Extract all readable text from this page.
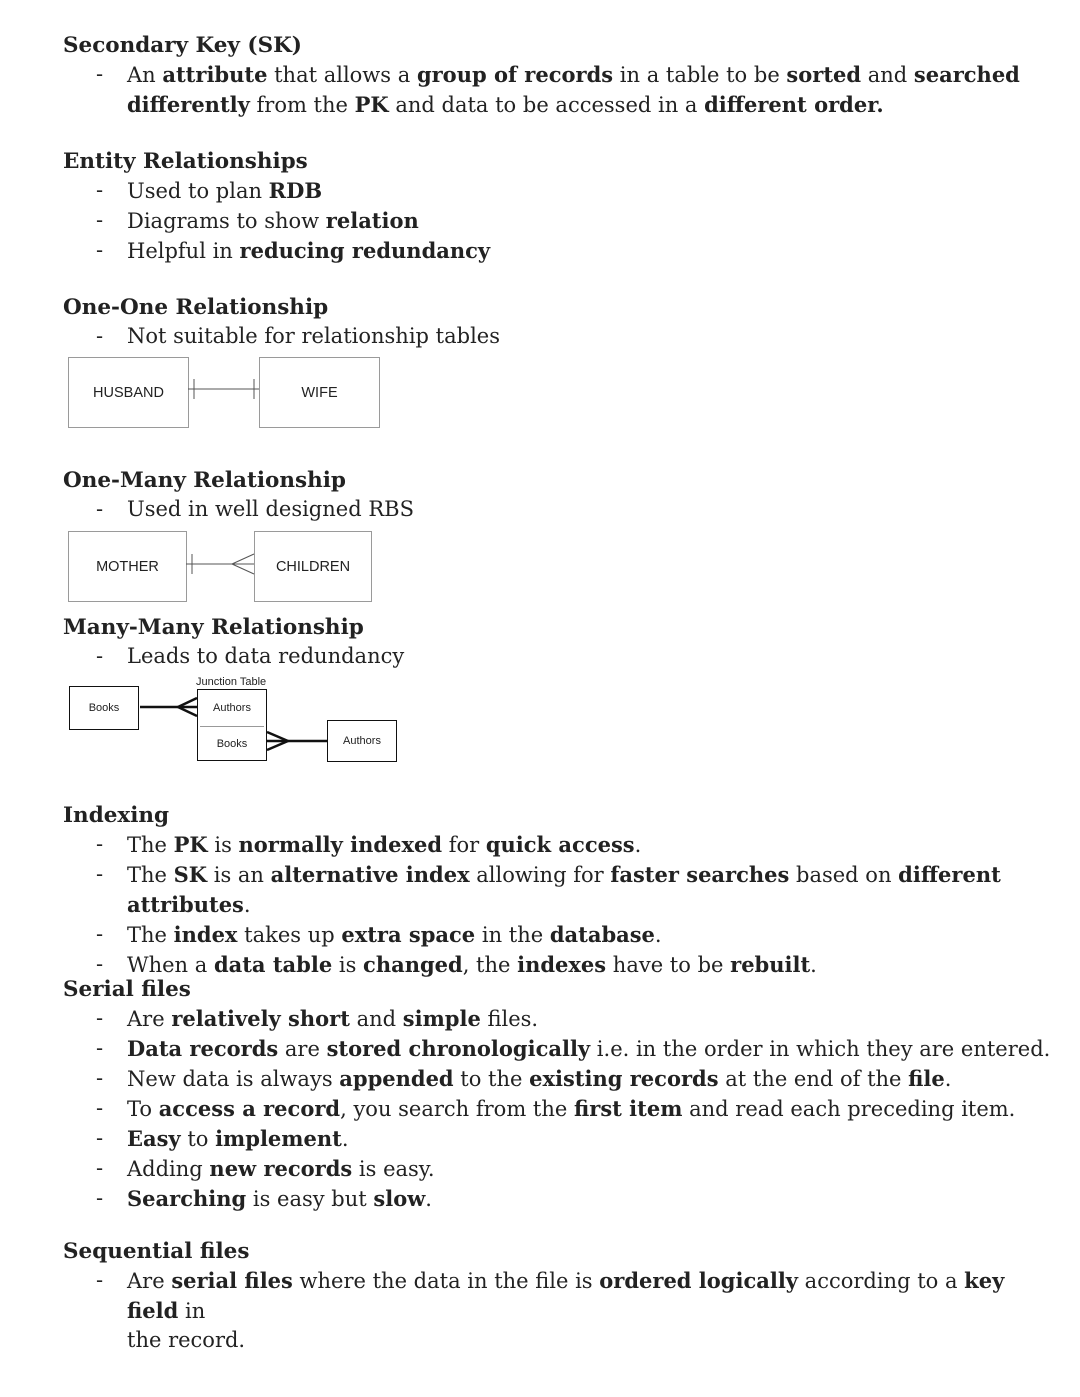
Secondary Key (SK)
- An attribute that allows a group of records in a table to be sorted and searched
differently from the PK and data to be accessed in a different order.
Entity Relationships
- Used to plan RDB
- Diagrams to show relation
- Helpful in reducing redundancy
One-One Relationship
- Not suitable for relationship tables
HUSBAND	WIFE
One-Many Relationship
- Used in well designed RBS
MOTHER	CHILDREN
Many-Many Relationship
- Leads to data redundancy
Junction Table
Books	Authors
Books	Authors
Indexing
- The PK is normally indexed for quick access.
- The SK is an alternative index allowing for faster searches based on different attributes.
- The index takes up extra space in the database.
- When a data table is changed, the indexes have to be rebuilt.
Serial files
- Are relatively short and simple files.
- Data records are stored chronologically i.e. in the order in which they are entered.
- New data is always appended to the existing records at the end of the file.
- To access a record, you search from the first item and read each preceding item.
- Easy to implement.
- Adding new records is easy.
- Searching is easy but slow.
Sequential files
- Are serial files where the data in the file is ordered logically according to a key field in
the record.
